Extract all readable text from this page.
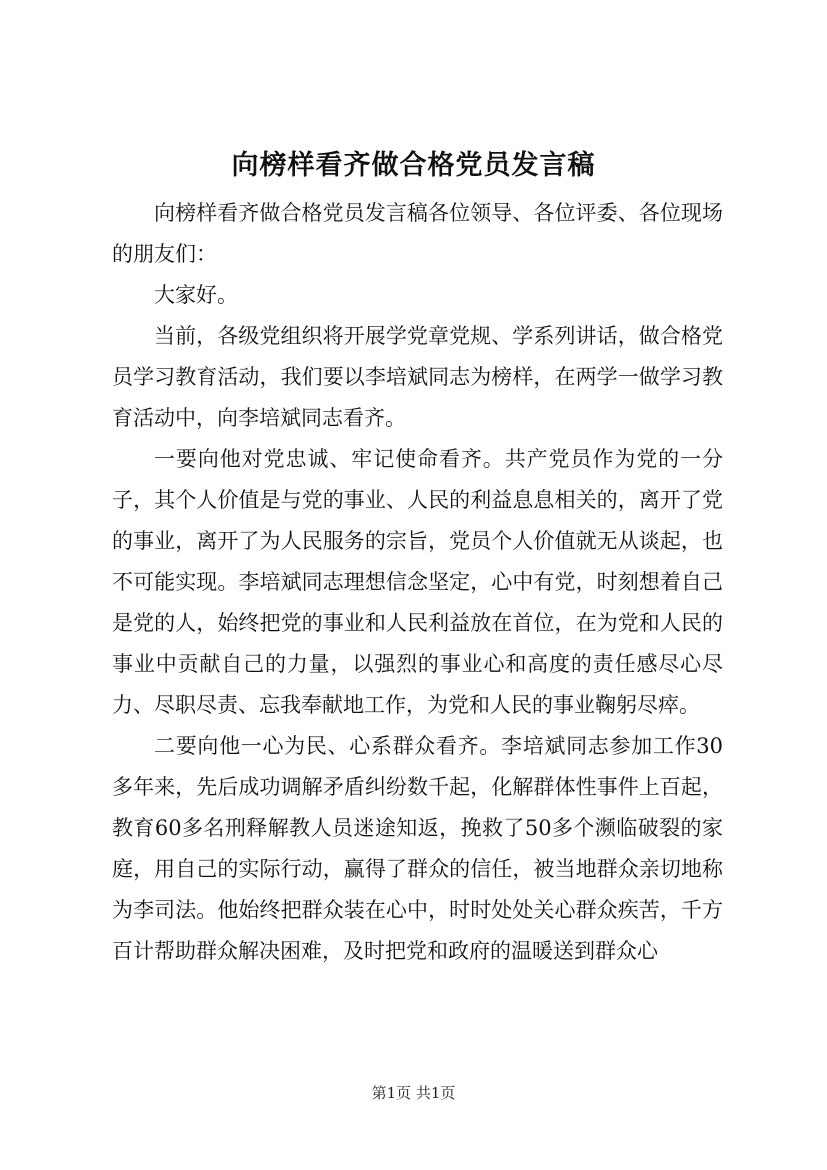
向榜样看齐做合格党员发言稿

向榜样看齐做合格党员发言稿各位领导、各位评委、各位现场的朋友们：

大家好。

当前，各级党组织将开展学党章党规、学系列讲话，做合格党员学习教育活动，我们要以李培斌同志为榜样，在两学一做学习教育活动中，向李培斌同志看齐。

一要向他对党忠诚、牢记使命看齐。共产党员作为党的一分子，其个人价值是与党的事业、人民的利益息息相关的，离开了党的事业，离开了为人民服务的宗旨，党员个人价值就无从谈起，也不可能实现。李培斌同志理想信念坚定，心中有党，时刻想着自己是党的人，始终把党的事业和人民利益放在首位，在为党和人民的事业中贡献自己的力量，以强烈的事业心和高度的责任感尽心尽力、尽职尽责、忘我奉献地工作，为党和人民的事业鞠躬尽瘁。

二要向他一心为民、心系群众看齐。李培斌同志参加工作30多年来，先后成功调解矛盾纠纷数千起，化解群体性事件上百起，教育60多名刑释解教人员迷途知返，挽救了50多个濒临破裂的家庭，用自己的实际行动，赢得了群众的信任，被当地群众亲切地称为李司法。他始终把群众装在心中，时时处处关心群众疾苦，千方百计帮助群众解决困难，及时把党和政府的温暖送到群众心

第1页 共1页
